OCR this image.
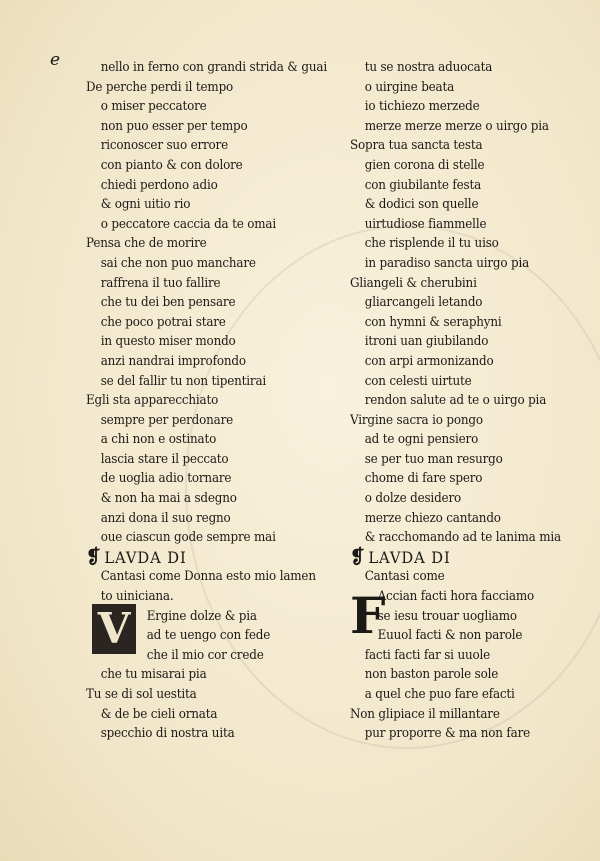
e
V
nello in ferno con grandi strida & guai
De perche perdi il tempo
o miser peccatore
non puo esser per tempo
riconoscer suo errore
con pianto & con dolore
chiedi perdono adio
& ogni uitio rio
o peccatore caccia da te omai
Pensa che de morire
sai che non puo manchare
raffrena il tuo fallire
che tu dei ben pensare
che poco potrai stare
in questo miser mondo
anzi nandrai improfondo
se del fallir tu non tipentirai
Egli sta apparecchiato
sempre per perdonare
a chi non e ostinato
lascia stare il peccato
de uoglia adio tornare
& non ha mai a sdegno
anzi dona il suo regno
oue ciascun gode sempre mai
❡ LAVDA DI
Cantasi come Donna esto mio lamen
to uiniciana.
Ergine dolze & pia
ad te uengo con fede
che il mio cor crede
che tu misarai pia
Tu se di sol uestita
& de be cieli ornata
specchio di nostra uita
F
tu se nostra aduocata
o uirgine beata
io tichiezo merzede
merze merze merze o uirgo pia
Sopra tua sancta testa
gien corona di stelle
con giubilante festa
& dodici son quelle
uirtudiose fiammelle
che risplende il tu uiso
in paradiso sancta uirgo pia
Gliangeli & cherubini
gliarcangeli letando
con hymni & seraphyni
itroni uan giubilando
con arpi armonizando
con celesti uirtute
rendon salute ad te o uirgo pia
Virgine sacra io pongo
ad te ogni pensiero
se per tuo man resurgo
chome di fare spero
o dolze desidero
merze chiezo cantando
& racchomando ad te lanima mia
❡ LAVDA DI
Cantasi come
Accian facti hora facciamo
se iesu trouar uogliamo
Euuol facti & non parole
facti facti far si uuole
non baston parole sole
a quel che puo fare efacti
Non glipiace il millantare
pur proporre & ma non fare
